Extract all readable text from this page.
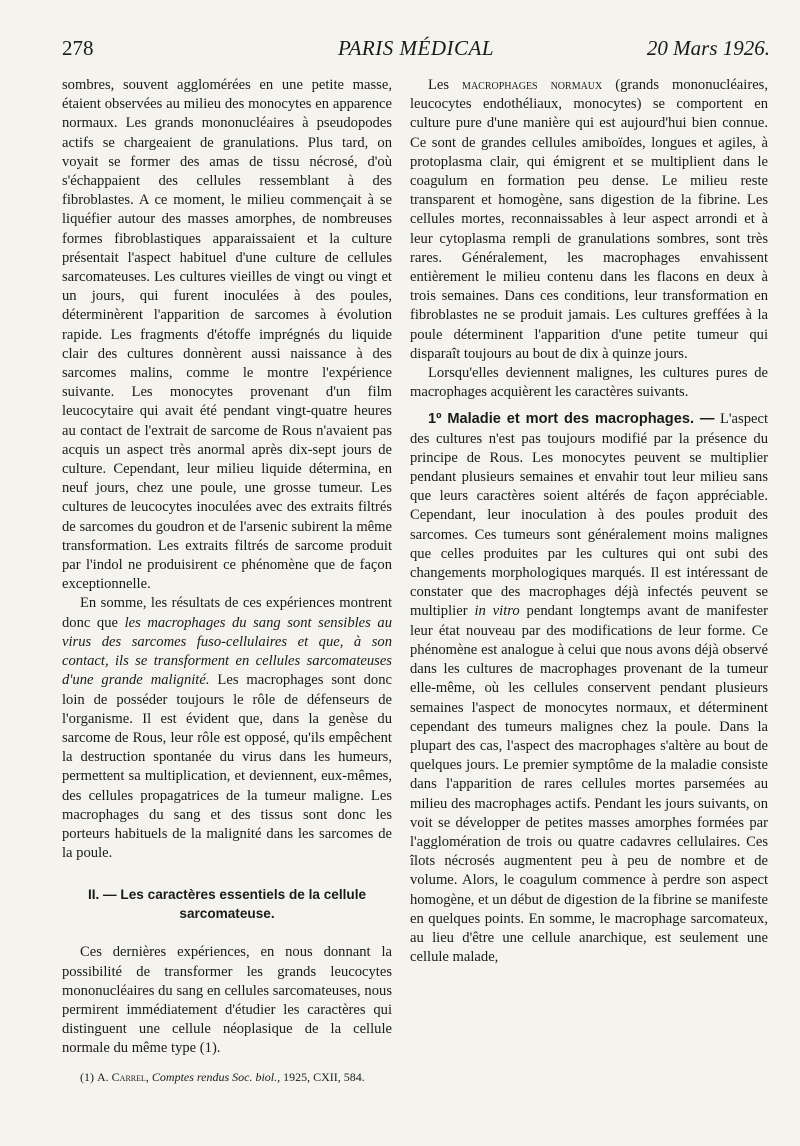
278	PARIS MÉDICAL	20 Mars 1926.

sombres, souvent agglomérées en une petite masse, étaient observées au milieu des monocytes en apparence normaux. Les grands mononucléaires à pseudopodes actifs se chargeaient de granulations. Plus tard, on voyait se former des amas de tissu nécrosé, d'où s'échappaient des cellules ressemblant à des fibroblastes. A ce moment, le milieu commençait à se liquéfier autour des masses amorphes, de nombreuses formes fibroblastiques apparaissaient et la culture présentait l'aspect habituel d'une culture de cellules sarcomateuses. Les cultures vieilles de vingt ou vingt et un jours, qui furent inoculées à des poules, déterminèrent l'apparition de sarcomes à évolution rapide. Les fragments d'étoffe imprégnés du liquide clair des cultures donnèrent aussi naissance à des sarcomes malins, comme le montre l'expérience suivante. Les monocytes provenant d'un film leucocytaire qui avait été pendant vingt-quatre heures au contact de l'extrait de sarcome de Rous n'avaient pas acquis un aspect très anormal après dix-sept jours de culture. Cependant, leur milieu liquide détermina, en neuf jours, chez une poule, une grosse tumeur. Les cultures de leucocytes inoculées avec des extraits filtrés de sarcomes du goudron et de l'arsenic subirent la même transformation. Les extraits filtrés de sarcome produit par l'indol ne produisirent ce phénomène que de façon exceptionnelle.

En somme, les résultats de ces expériences montrent donc que les macrophages du sang sont sensibles au virus des sarcomes fuso-cellulaires et que, à son contact, ils se transforment en cellules sarcomateuses d'une grande malignité. Les macrophages sont donc loin de posséder toujours le rôle de défenseurs de l'organisme. Il est évident que, dans la genèse du sarcome de Rous, leur rôle est opposé, qu'ils empêchent la destruction spontanée du virus dans les humeurs, permettent sa multiplication, et deviennent, eux-mêmes, des cellules propagatrices de la tumeur maligne. Les macrophages du sang et des tissus sont donc les porteurs habituels de la malignité dans les sarcomes de la poule.

II. — Les caractères essentiels de la cellule sarcomateuse.

Ces dernières expériences, en nous donnant la possibilité de transformer les grands leucocytes mononucléaires du sang en cellules sarcomateuses, nous permirent immédiatement d'étudier les caractères qui distinguent une cellule néoplasique de la cellule normale du même type (1).

(1) A. Carrel, Comptes rendus Soc. biol., 1925, CXII, 584.

Les macrophages normaux (grands mononucléaires, leucocytes endothéliaux, monocytes) se comportent en culture pure d'une manière qui est aujourd'hui bien connue. Ce sont de grandes cellules amiboïdes, longues et agiles, à protoplasma clair, qui émigrent et se multiplient dans le coagulum en formation peu dense. Le milieu reste transparent et homogène, sans digestion de la fibrine. Les cellules mortes, reconnaissables à leur aspect arrondi et à leur cytoplasma rempli de granulations sombres, sont très rares. Généralement, les macrophages envahissent entièrement le milieu contenu dans les flacons en deux à trois semaines. Dans ces conditions, leur transformation en fibroblastes ne se produit jamais. Les cultures greffées à la poule déterminent l'apparition d'une petite tumeur qui disparaît toujours au bout de dix à quinze jours.

Lorsqu'elles deviennent malignes, les cultures pures de macrophages acquièrent les caractères suivants.

1º Maladie et mort des macrophages. — L'aspect des cultures n'est pas toujours modifié par la présence du principe de Rous. Les monocytes peuvent se multiplier pendant plusieurs semaines et envahir tout leur milieu sans que leurs caractères soient altérés de façon appréciable. Cependant, leur inoculation à des poules produit des sarcomes. Ces tumeurs sont généralement moins malignes que celles produites par les cultures qui ont subi des changements morphologiques marqués. Il est intéressant de constater que des macrophages déjà infectés peuvent se multiplier in vitro pendant longtemps avant de manifester leur état nouveau par des modifications de leur forme. Ce phénomène est analogue à celui que nous avons déjà observé dans les cultures de macrophages provenant de la tumeur elle-même, où les cellules conservent pendant plusieurs semaines l'aspect de monocytes normaux, et déterminent cependant des tumeurs malignes chez la poule. Dans la plupart des cas, l'aspect des macrophages s'altère au bout de quelques jours. Le premier symptôme de la maladie consiste dans l'apparition de rares cellules mortes parsemées au milieu des macrophages actifs. Pendant les jours suivants, on voit se développer de petites masses amorphes formées par l'agglomération de trois ou quatre cadavres cellulaires. Ces îlots nécrosés augmentent peu à peu de nombre et de volume. Alors, le coagulum commence à perdre son aspect homogène, et un début de digestion de la fibrine se manifeste en quelques points. En somme, le macrophage sarcomateux, au lieu d'être une cellule anarchique, est seulement une cellule malade,
